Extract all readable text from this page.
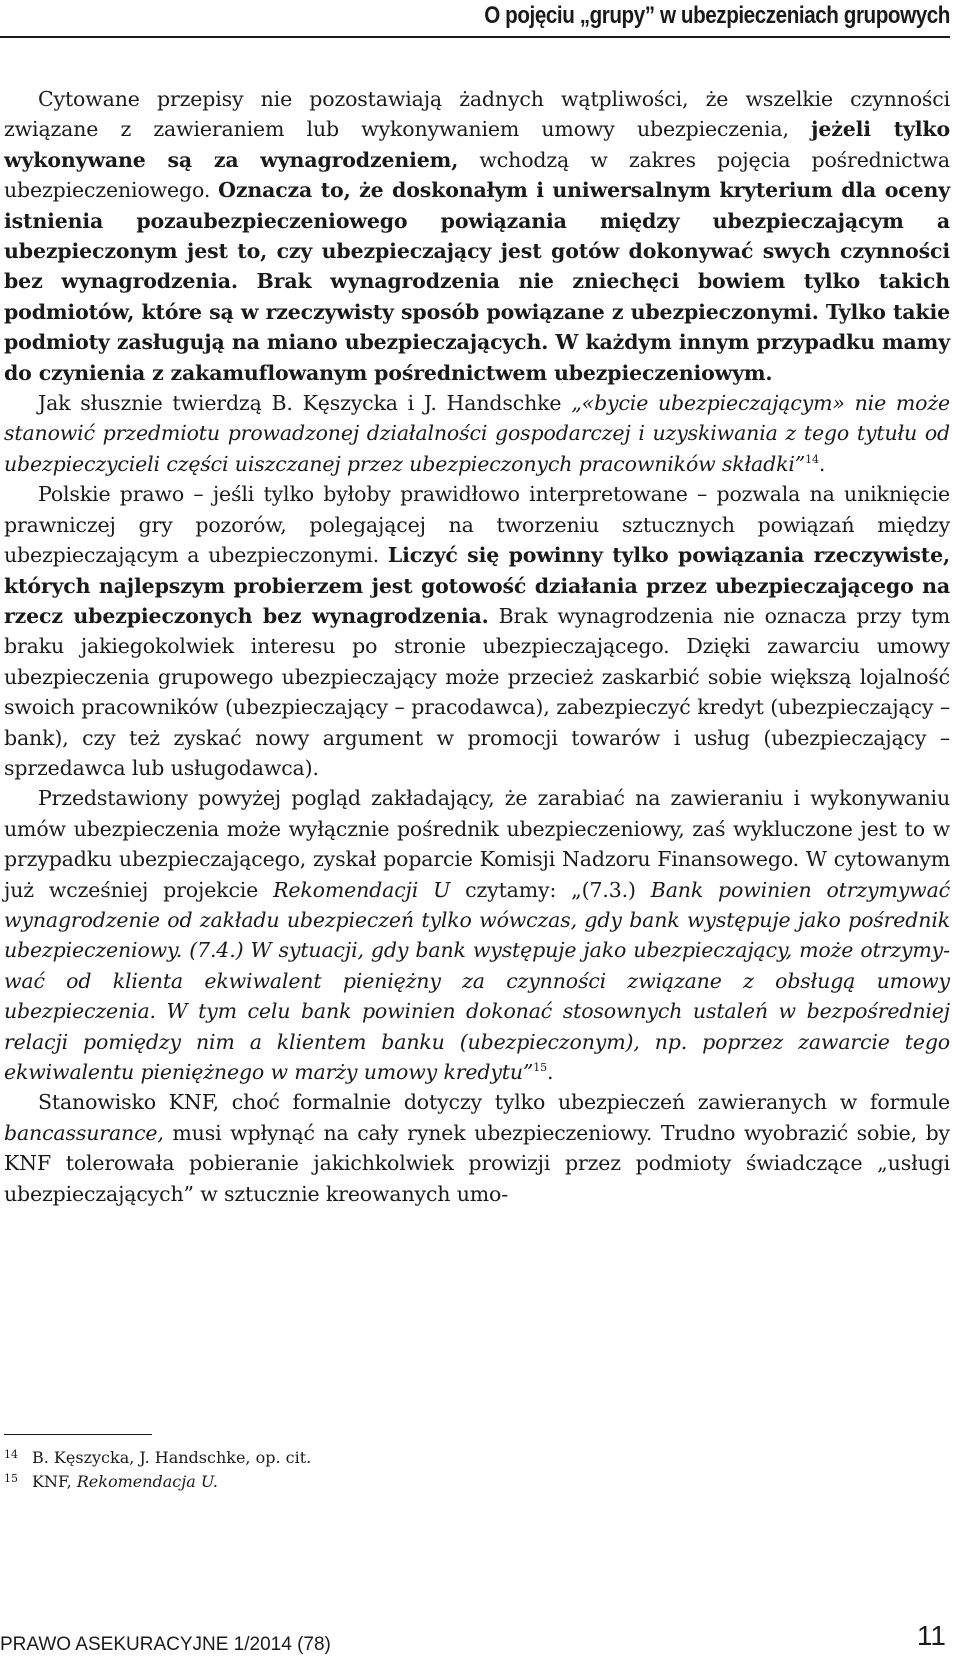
O pojęciu „grupy” w ubezpieczeniach grupowych

Cytowane przepisy nie pozostawiają żadnych wątpliwości, że wszelkie czynności związane z zawieraniem lub wykonywaniem umowy ubezpieczenia, jeżeli tylko wykonywane są za wynagrodzeniem, wchodzą w zakres pojęcia pośrednictwa ubezpieczeniowego. Oznacza to, że doskonałym i uniwersalnym kryterium dla oceny istnienia pozaubezpieczeniowego powiązania między ubezpieczającym a ubezpieczonym jest to, czy ubezpieczający jest gotów dokonywać swych czynności bez wynagrodzenia. Brak wynagrodzenia nie zniechęci bowiem tylko takich podmiotów, które są w rzeczywisty sposób powiązane z ubezpieczonymi. Tylko takie podmioty zasługują na miano ubezpieczających. W każdym innym przypadku mamy do czynienia z zakamuflowanym pośrednictwem ubezpieczeniowym.

Jak słusznie twierdzą B. Kęszycka i J. Handschke „«bycie ubezpieczającym» nie może stanowić przedmiotu prowadzonej działalności gospodarczej i uzyskiwania z tego tytułu od ubezpieczycieli części uiszczanej przez ubezpieczonych pracowników składki”$^{14}$.

Polskie prawo – jeśli tylko byłoby prawidłowo interpretowane – pozwala na uniknięcie prawniczej gry pozorów, polegającej na tworzeniu sztucznych powiązań między ubezpieczającym a ubezpieczonymi. Liczyć się powinny tylko powiązania rzeczywiste, których najlepszym probierzem jest gotowość działania przez ubezpieczającego na rzecz ubezpieczonych bez wynagrodzenia. Brak wynagrodzenia nie oznacza przy tym braku jakiegokolwiek interesu po stronie ubezpieczającego. Dzięki zawarciu umowy ubezpieczenia grupowego ubezpieczający może przecież zaskarbić sobie większą lojalność swoich pracowników (ubezpieczający – pracodawca), zabezpieczyć kredyt (ubezpieczający – bank), czy też zyskać nowy argument w promocji towarów i usług (ubezpieczający – sprzedawca lub usługodawca).

Przedstawiony powyżej pogląd zakładający, że zarabiać na zawieraniu i wykonywaniu umów ubezpieczenia może wyłącznie pośrednik ubezpieczeniowy, zaś wykluczone jest to w przypadku ubezpieczającego, zyskał poparcie Komisji Nadzoru Finansowego. W cytowanym już wcześniej projekcie Rekomendacji U czytamy: „(7.3.) Bank powinien otrzymywać wynagrodzenie od zakładu ubezpieczeń tylko wówczas, gdy bank występuje jako pośrednik ubezpieczeniowy. (7.4.) W sytuacji, gdy bank występuje jako ubezpieczający, może otrzymywać od klienta ekwiwalent pieniężny za czynności związane z obsługą umowy ubezpieczenia. W tym celu bank powinien dokonać stosownych ustaleń w bezpośredniej relacji pomiędzy nim a klientem banku (ubezpieczonym), np. poprzez zawarcie tego ekwiwalentu pieniężnego w marży umowy kredytu”$^{15}$.

Stanowisko KNF, choć formalnie dotyczy tylko ubezpieczeń zawieranych w formule bancassurance, musi wpłynąć na cały rynek ubezpieczeniowy. Trudno wyobrazić sobie, by KNF tolerowała pobieranie jakichkolwiek prowizji przez podmioty świadczące „usługi ubezpieczających” w sztucznie kreowanych umo-

14 B. Kęszycka, J. Handschke, op. cit.
15 KNF, Rekomendacja U.
PRAWO ASEKURACYJNE 1/2014 (78)	11
